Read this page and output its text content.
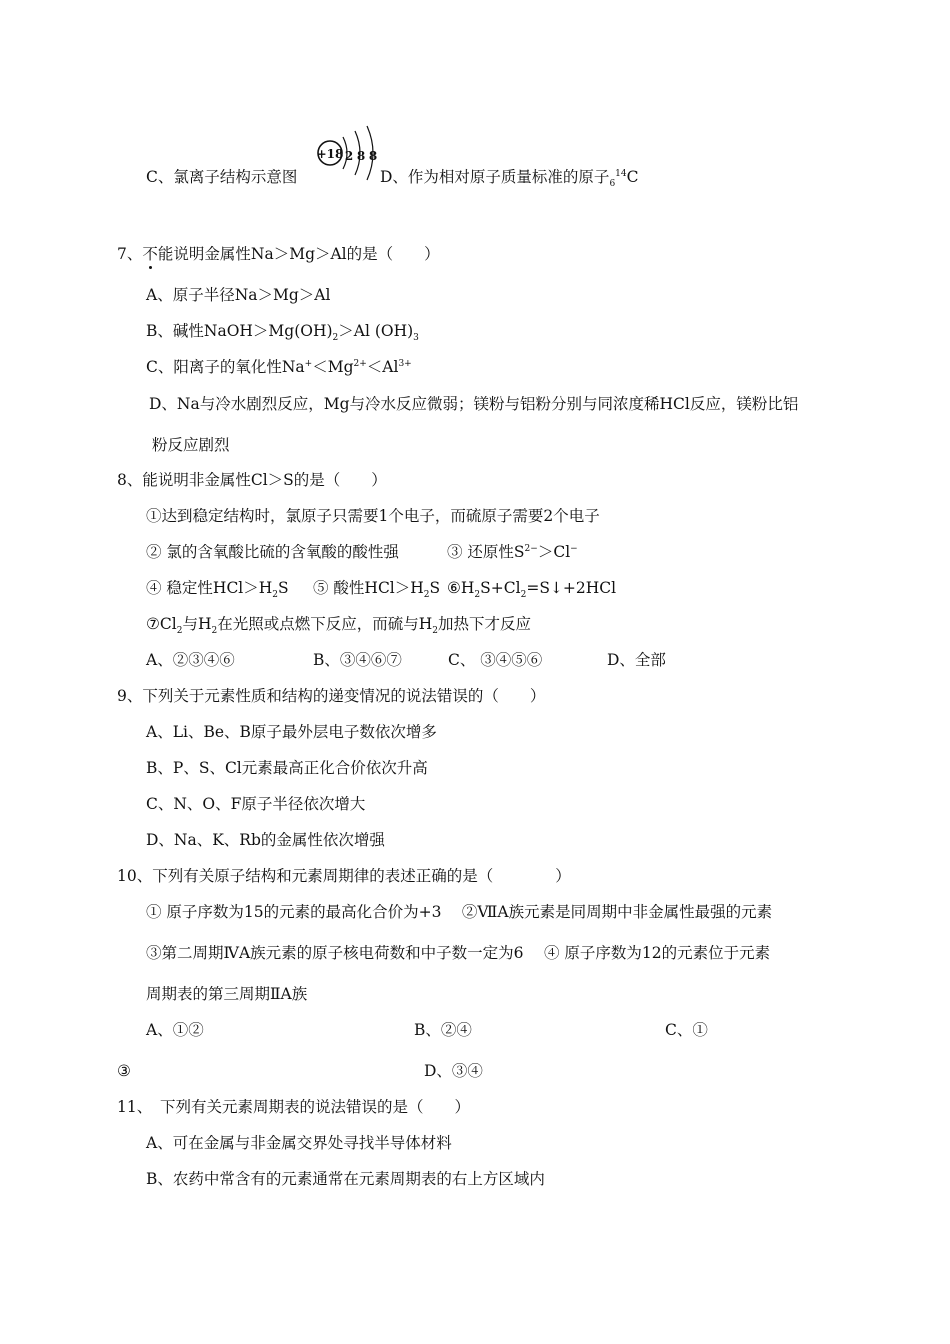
C、氯离子结构示意图
+18 2 8 8
D、作为相对原子质量标准的原子$_6^{14}$C
7、不能说明金属性Na＞Mg＞Al的是（　　）
A、原子半径Na＞Mg＞Al
B、碱性$NaOH>Mg(OH)_2>Al$ $(OH)_3$
C、阳离子的氧化性$Na^+<Mg^{2+}<Al^{3+}$
D、Na与冷水剧烈反应，Mg与冷水反应微弱；镁粉与铝粉分别与同浓度稀HCl反应，镁粉比铝
粉反应剧烈
8、能说明非金属性Cl＞S的是（　　）
①达到稳定结构时，氯原子只需要1个电子，而硫原子需要2个电子
② 氯的含氧酸比硫的含氧酸的酸性强	③ 还原性$S^{2-}>Cl^-$
④ 稳定性$HCl>H_2S$ ⑤ 酸性$HCl>H_2S$ $⑥H_2S+Cl_2=S↓+2HCl$
$⑦Cl_2$与$H_2$在光照或点燃下反应，而硫与$H_2$加热下才反应
A、②③④⑥	B、③④⑥⑦	C、 ③④⑤⑥	D、全部
9、下列关于元素性质和结构的递变情况的说法错误的（　　）
A、Li、Be、B原子最外层电子数依次增多
B、P、S、Cl元素最高正化合价依次升高
C、N、O、F原子半径依次增大
D、Na、K、Rb的金属性依次增强
10、下列有关原子结构和元素周期律的表述正确的是（　　　　）
① 原子序数为15的元素的最高化合价为+3　 ②ⅦA族元素是同周期中非金属性最强的元素
③第二周期ⅣA族元素的原子核电荷数和中子数一定为6　 ④ 原子序数为12的元素位于元素
周期表的第三周期ⅡA族
A、①②	B、②④	C、①
③	D、③④
11、　下列有关元素周期表的说法错误的是（　　）
A、可在金属与非金属交界处寻找半导体材料
B、农药中常含有的元素通常在元素周期表的右上方区域内
